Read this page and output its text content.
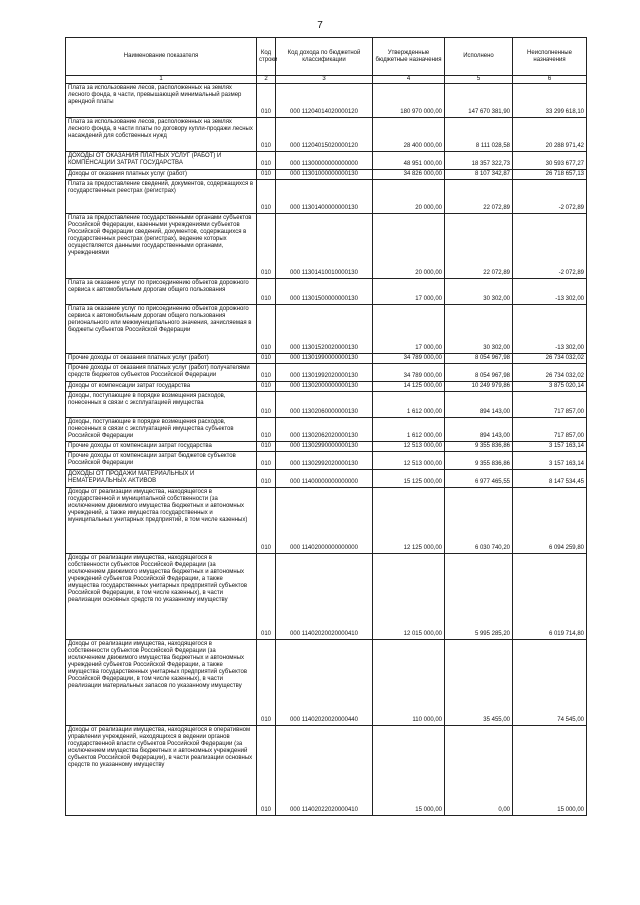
7
Наименование показателя	Код строки	Код дохода по бюджетной классификации	Утвержденные бюджетные назначения	Исполнено	Неисполненные назначения
1	2	3	4	5	6
Плата за использование лесов, расположенных на землях лесного фонда, в части, превышающей минимальный размер арендной платы	010	000 11204014020000120	180 970 000,00	147 670 381,90	33 299 618,10
Плата за использование лесов, расположенных на землях лесного фонда, в части платы по договору купли-продажи лесных насаждений для собственных нужд	010	000 11204015020000120	28 400 000,00	8 111 028,58	20 288 971,42
ДОХОДЫ ОТ ОКАЗАНИЯ ПЛАТНЫХ УСЛУГ (РАБОТ) И КОМПЕНСАЦИИ ЗАТРАТ ГОСУДАРСТВА	010	000 11300000000000000	48 951 000,00	18 357 322,73	30 593 677,27
Доходы от оказания платных услуг (работ)	010	000 11301000000000130	34 826 000,00	8 107 342,87	26 718 657,13
Плата за предоставление сведений, документов, содержащихся в государственных реестрах (регистрах)	010	000 11301400000000130	20 000,00	22 072,89	-2 072,89
Плата за предоставление государственными органами субъектов Российской Федерации, казенными учреждениями субъектов Российской Федерации сведений, документов, содержащихся в государственных реестрах (регистрах), ведение которых осуществляется данными государственными органами, учреждениями	010	000 11301410010000130	20 000,00	22 072,89	-2 072,89
Плата за оказание услуг по присоединению объектов дорожного сервиса к автомобильным дорогам общего пользования	010	000 11301500000000130	17 000,00	30 302,00	-13 302,00
Плата за оказание услуг по присоединению объектов дорожного сервиса к автомобильным дорогам общего пользования регионального или межмуниципального значения, зачисляемая в бюджеты субъектов Российской Федерации	010	000 11301520020000130	17 000,00	30 302,00	-13 302,00
Прочие доходы от оказания платных услуг (работ)	010	000 11301990000000130	34 789 000,00	8 054 967,98	26 734 032,02
Прочие доходы от оказания платных услуг (работ) получателями средств бюджетов субъектов Российской Федерации	010	000 11301992020000130	34 789 000,00	8 054 967,98	26 734 032,02
Доходы от компенсации затрат государства	010	000 11302000000000130	14 125 000,00	10 249 979,86	3 875 020,14
Доходы, поступающие в порядке возмещения расходов, понесенных в связи с эксплуатацией имущества	010	000 11302060000000130	1 612 000,00	894 143,00	717 857,00
Доходы, поступающие в порядке возмещения расходов, понесенных в связи с эксплуатацией имущества субъектов Российской Федерации	010	000 11302062020000130	1 612 000,00	894 143,00	717 857,00
Прочие доходы от компенсации затрат государства	010	000 11302990000000130	12 513 000,00	9 355 836,86	3 157 163,14
Прочие доходы от компенсации затрат бюджетов субъектов Российской Федерации	010	000 11302992020000130	12 513 000,00	9 355 836,86	3 157 163,14
ДОХОДЫ ОТ ПРОДАЖИ МАТЕРИАЛЬНЫХ И НЕМАТЕРИАЛЬНЫХ АКТИВОВ	010	000 11400000000000000	15 125 000,00	6 977 465,55	8 147 534,45
Доходы от реализации имущества, находящегося в государственной и муниципальной собственности (за исключением движимого имущества бюджетных и автономных учреждений, а также имущества государственных и муниципальных унитарных предприятий, в том числе казенных)	010	000 11402000000000000	12 125 000,00	6 030 740,20	6 094 259,80
Доходы от реализации имущества, находящегося в собственности субъектов Российской Федерации (за исключением движимого имущества бюджетных и автономных учреждений субъектов Российской Федерации, а также имущества государственных унитарных предприятий субъектов Российской Федерации, в том числе казенных), в части реализации основных средств по указанному имуществу	010	000 11402020020000410	12 015 000,00	5 995 285,20	6 019 714,80
Доходы от реализации имущества, находящегося в собственности субъектов Российской Федерации (за исключением движимого имущества бюджетных и автономных учреждений субъектов Российской Федерации, а также имущества государственных унитарных предприятий субъектов Российской Федерации, в том числе казенных), в части реализации материальных запасов по указанному имуществу	010	000 11402020020000440	110 000,00	35 455,00	74 545,00
Доходы от реализации имущества, находящегося в оперативном управлении учреждений, находящихся в ведении органов государственной власти субъектов Российской Федерации (за исключением имущества бюджетных и автономных учреждений субъектов Российской Федерации), в части реализации основных средств по указанному имуществу	010	000 11402022020000410	15 000,00	0,00	15 000,00
